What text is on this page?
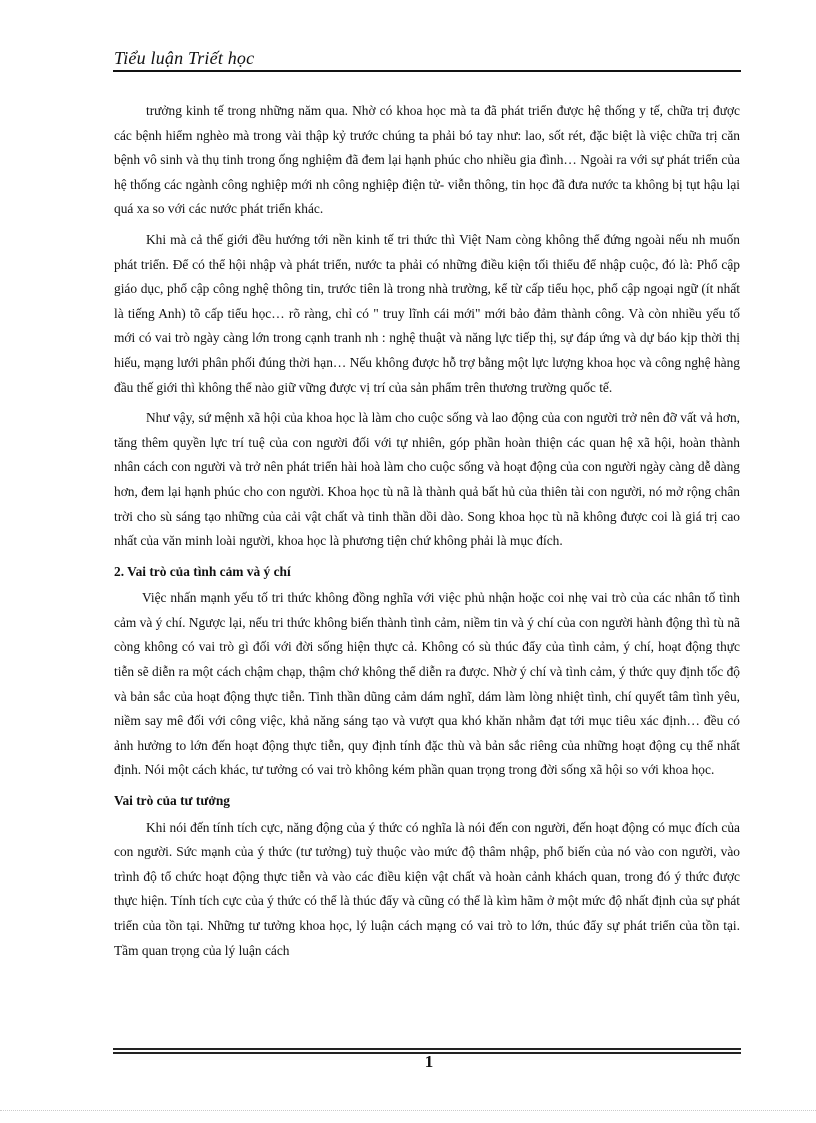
Tiểu luận Triết học

trưởng kinh tế trong những năm qua. Nhờ có khoa học mà ta đã phát triển được hệ thống y tế, chữa trị được các bệnh hiểm nghèo mà trong vài thập kỷ trước chúng ta phải bó tay như: lao, sốt rét, đặc biệt là việc chữa trị căn bệnh vô sinh và thụ tinh trong ống nghiệm đã đem lại hạnh phúc cho nhiều gia đình… Ngoài ra với sự phát triển của hệ thống các ngành công nghiệp mới nh công nghiệp điện tử- viễn thông, tin học đã đưa nước ta không bị tụt hậu lại quá xa so với các nước phát triển khác.

Khi mà cả thế giới đều hướng tới nền kinh tế tri thức thì Việt Nam còng không thể đứng ngoài nếu nh muốn phát triển. Để có thể hội nhập và phát triển, nước ta phải có những điều kiện tối thiểu để nhập cuộc, đó là: Phổ cập giáo dục, phổ cập công nghệ thông tin, trước tiên là trong nhà trường, kể từ cấp tiểu học, phổ cập ngoại ngữ (ít nhất là tiếng Anh) tõ cấp tiểu học… rõ ràng, chỉ có " truy lĩnh cái mới" mới bảo đảm thành công. Và còn nhiều yếu tố mới có vai trò ngày càng lớn trong cạnh tranh nh : nghệ thuật và năng lực tiếp thị, sự đáp ứng và dự báo kịp thời thị hiếu, mạng lưới phân phối đúng thời hạn… Nếu không được hỗ trợ bằng một lực lượng khoa học và công nghệ hàng đầu thế giới thì không thể nào giữ vững được vị trí của sản phẩm trên thương trường quốc tế.

Như vậy, sứ mệnh xã hội của khoa học là làm cho cuộc sống và lao động của con người trở nên đỡ vất vả hơn, tăng thêm quyền lực trí tuệ của con người đối với tự nhiên, góp phần hoàn thiện các quan hệ xã hội, hoàn thành nhân cách con người và trở nên phát triển hài hoà làm cho cuộc sống và hoạt động của con người ngày càng dễ dàng hơn, đem lại hạnh phúc cho con người. Khoa học tù nã là thành quả bất hủ của thiên tài con người, nó mở rộng chân trời cho sù sáng tạo những của cải vật chất và tinh thần dồi dào. Song khoa học tù nã không được coi là giá trị cao nhất của văn minh loài người, khoa học là phương tiện chứ không phải là mục đích.

2. Vai trò của tình cảm và ý chí

Việc nhấn mạnh yếu tố tri thức không đồng nghĩa với việc phủ nhận hoặc coi nhẹ vai trò của các nhân tố tình cảm và ý chí. Ngược lại, nếu tri thức không biến thành tình cảm, niềm tin và ý chí của con người hành động thì tù nã còng không có vai trò gì đối với đời sống hiện thực cả. Không có sù thúc đẩy của tình cảm, ý chí, hoạt động thực tiễn sẽ diễn ra một cách chậm chạp, thậm chớ không thể diễn ra được. Nhờ ý chí và tình cảm, ý thức quy định tốc độ và bản sắc của hoạt động thực tiễn. Tinh thần dũng cảm dám nghĩ, dám làm lòng nhiệt tình, chí quyết tâm tình yêu, niềm say mê đối với công việc, khả năng sáng tạo và vượt qua khó khăn nhằm đạt tới mục tiêu xác định… đều có ảnh hưởng to lớn đến hoạt động thực tiễn, quy định tính đặc thù và bản sắc riêng của những hoạt động cụ thể nhất định. Nói một cách khác, tư tưởng có vai trò không kém phần quan trọng trong đời sống xã hội so với khoa học.

Vai trò của tư tưởng

Khi nói đến tính tích cực, năng động của ý thức có nghĩa là nói đến con người, đến hoạt động có mục đích của con người. Sức mạnh của ý thức (tư tưởng) tuỳ thuộc vào mức độ thâm nhập, phổ biến của nó vào con người, vào trình độ tổ chức hoạt động thực tiễn và vào các điều kiện vật chất và hoàn cảnh khách quan, trong đó ý thức được thực hiện. Tính tích cực của ý thức có thể là thúc đẩy và cũng có thể là kìm hãm ở một mức độ nhất định của sự phát triển của tồn tại. Những tư tưởng khoa học, lý luận cách mạng có vai trò to lớn, thúc đẩy sự phát triển của tồn tại. Tầm quan trọng của lý luận cách

1
